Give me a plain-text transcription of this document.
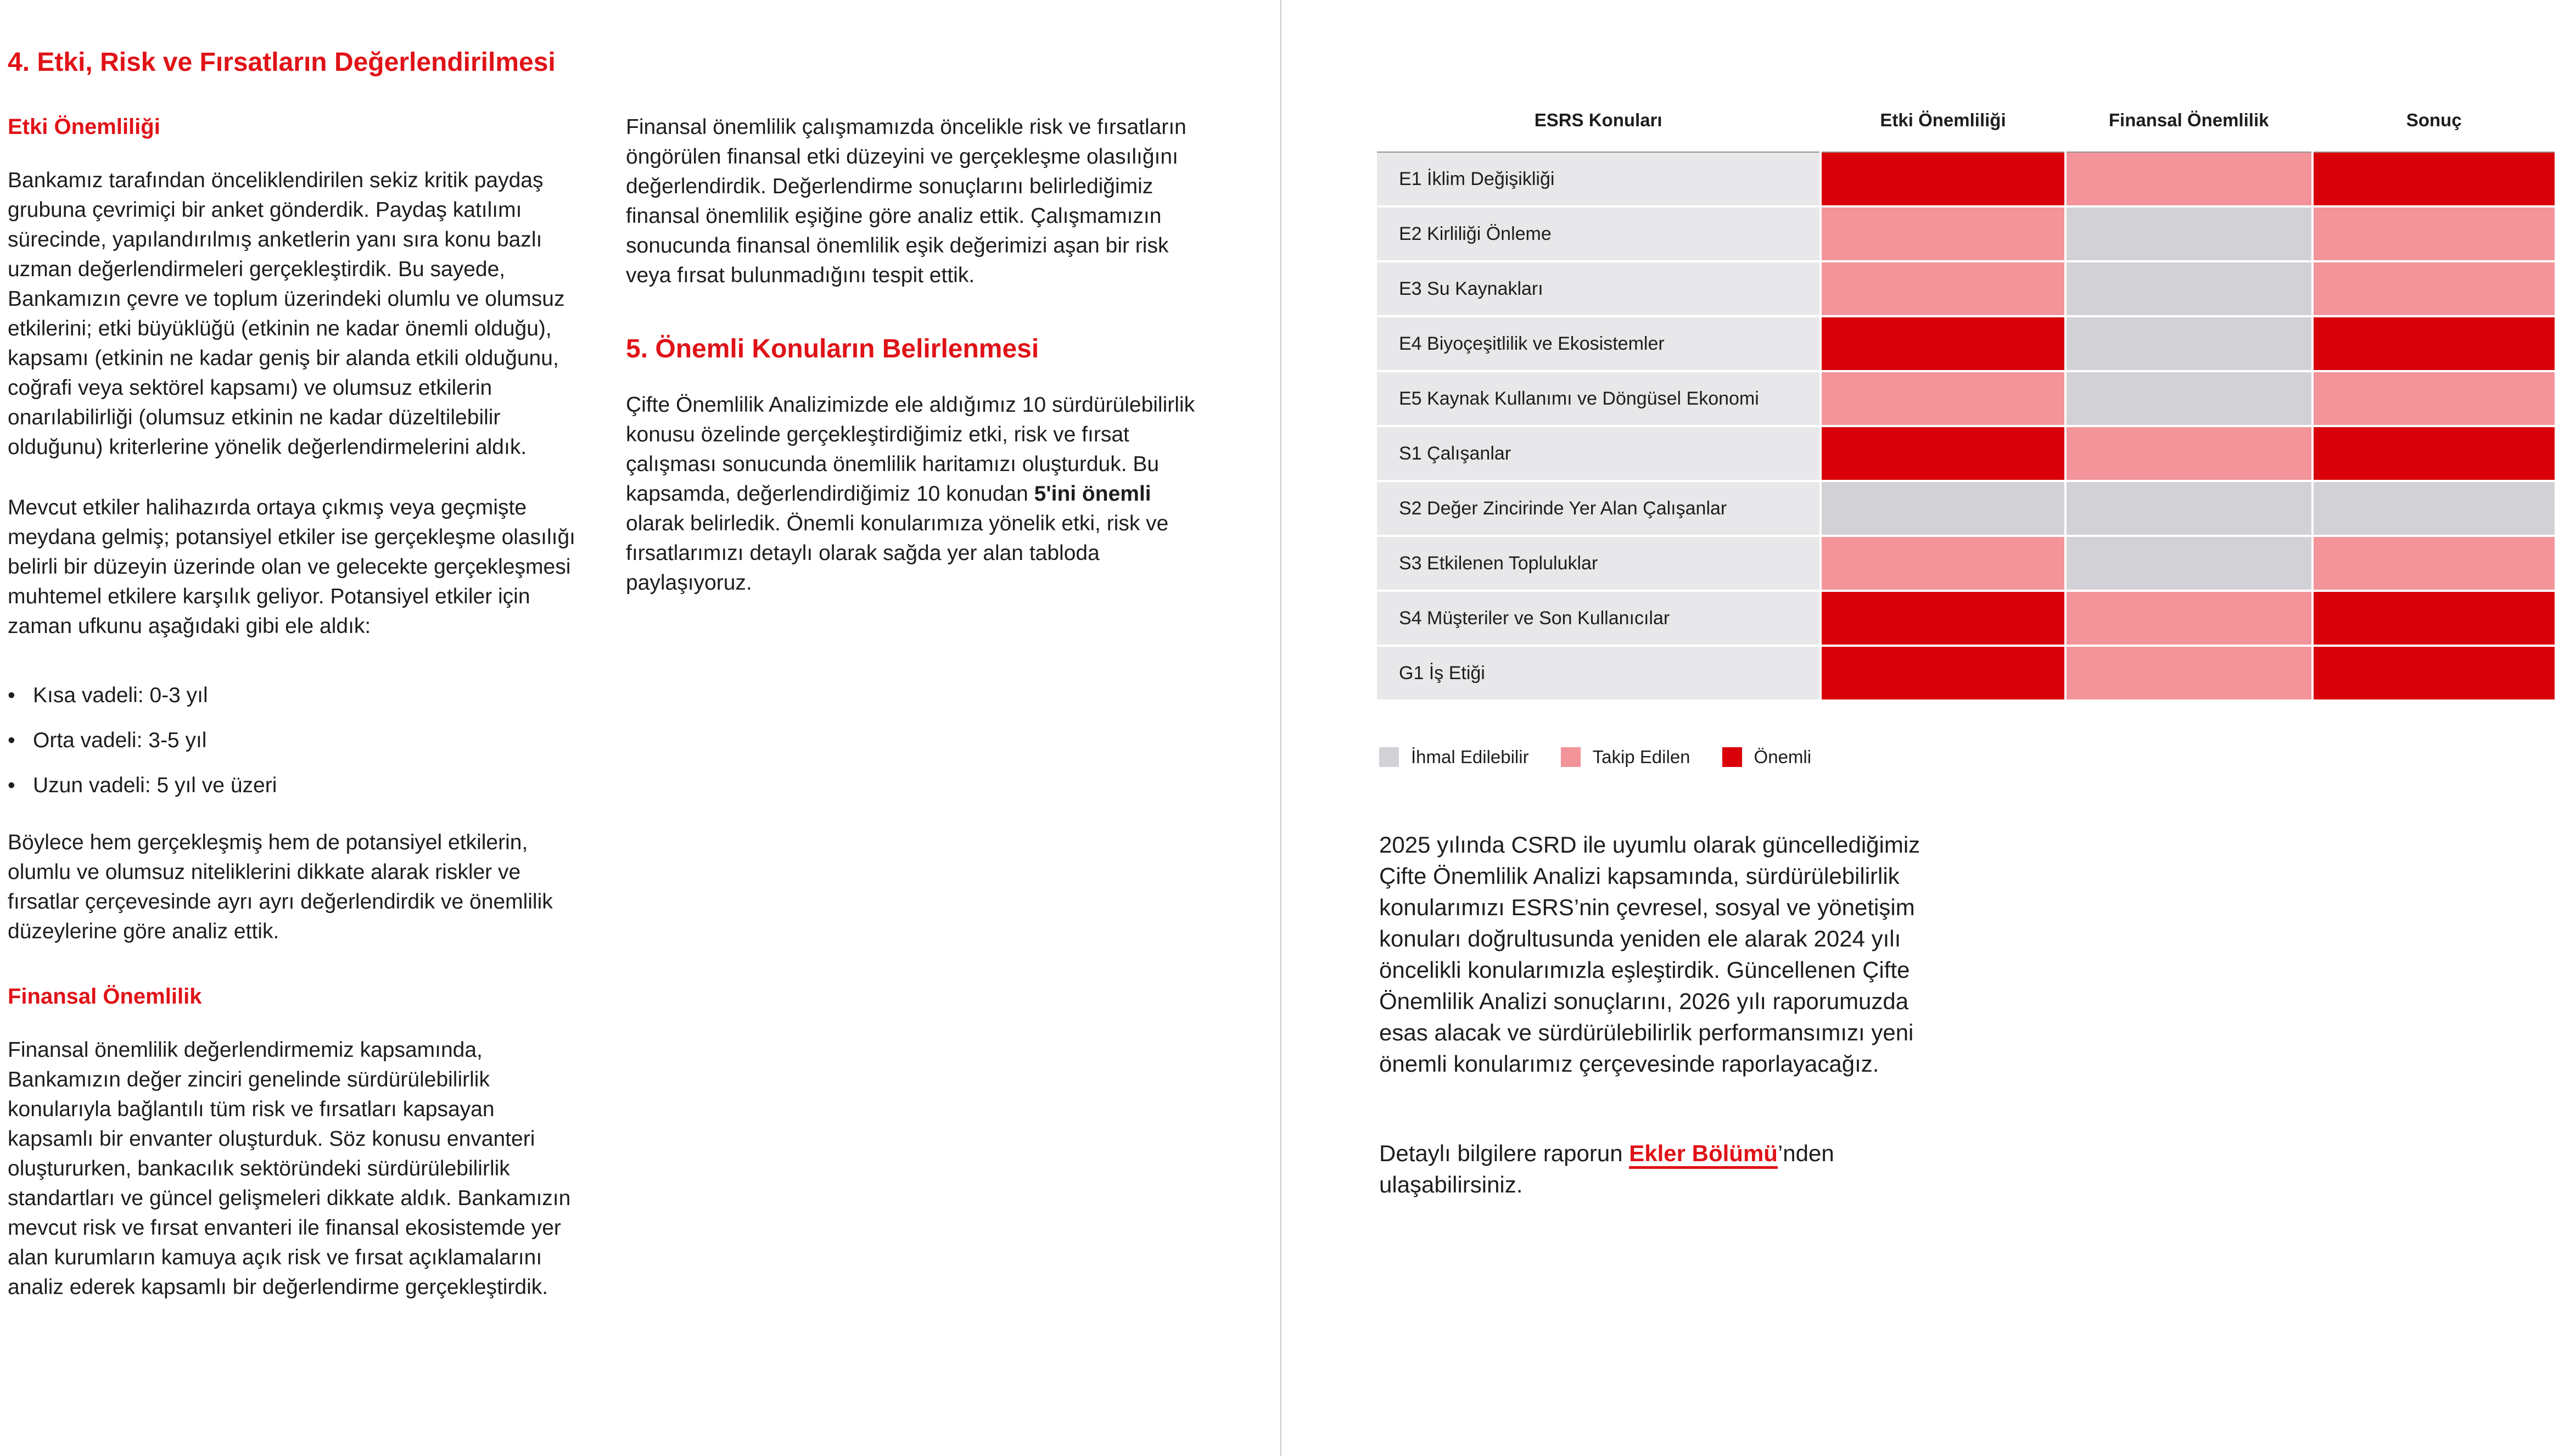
4. Etki, Risk ve Fırsatların Değerlendirilmesi
Etki Önemliliği

Bankamız tarafından önceliklendirilen sekiz kritik paydaş grubuna çevrimiçi bir anket gönderdik. Paydaş katılımı sürecinde, yapılandırılmış anketlerin yanı sıra konu bazlı uzman değerlendirmeleri gerçekleştirdik. Bu sayede, Bankamızın çevre ve toplum üzerindeki olumlu ve olumsuz etkilerini; etki büyüklüğü (etkinin ne kadar önemli olduğu), kapsamı (etkinin ne kadar geniş bir alanda etkili olduğunu, coğrafi veya sektörel kapsamı) ve olumsuz etkilerin onarılabilirliği (olumsuz etkinin ne kadar düzeltilebilir olduğunu) kriterlerine yönelik değerlendirmelerini aldık.

Mevcut etkiler halihazırda ortaya çıkmış veya geçmişte meydana gelmiş; potansiyel etkiler ise gerçekleşme olasılığı belirli bir düzeyin üzerinde olan ve gelecekte gerçekleşmesi muhtemel etkilere karşılık geliyor. Potansiyel etkiler için zaman ufkunu aşağıdaki gibi ele aldık:

• Kısa vadeli: 0-3 yıl
• Orta vadeli: 3-5 yıl
• Uzun vadeli: 5 yıl ve üzeri

Böylece hem gerçekleşmiş hem de potansiyel etkilerin, olumlu ve olumsuz niteliklerini dikkate alarak riskler ve fırsatlar çerçevesinde ayrı ayrı değerlendirdik ve önemlilik düzeylerine göre analiz ettik.

Finansal Önemlilik

Finansal önemlilik değerlendirmemiz kapsamında, Bankamızın değer zinciri genelinde sürdürülebilirlik konularıyla bağlantılı tüm risk ve fırsatları kapsayan kapsamlı bir envanter oluşturduk. Söz konusu envanteri oluştururken, bankacılık sektöründeki sürdürülebilirlik standartları ve güncel gelişmeleri dikkate aldık. Bankamızın mevcut risk ve fırsat envanteri ile finansal ekosistemde yer alan kurumların kamuya açık risk ve fırsat açıklamalarını analiz ederek kapsamlı bir değerlendirme gerçekleştirdik.

Finansal önemlilik çalışmamızda öncelikle risk ve fırsatların öngörülen finansal etki düzeyini ve gerçekleşme olasılığını değerlendirdik. Değerlendirme sonuçlarını belirlediğimiz finansal önemlilik eşiğine göre analiz ettik. Çalışmamızın sonucunda finansal önemlilik eşik değerimizi aşan bir risk veya fırsat bulunmadığını tespit ettik.

5. Önemli Konuların Belirlenmesi

Çifte Önemlilik Analizimizde ele aldığımız 10 sürdürülebilirlik konusu özelinde gerçekleştirdiğimiz etki, risk ve fırsat çalışması sonucunda önemlilik haritamızı oluşturduk. Bu kapsamda, değerlendirdiğimiz 10 konudan 5'ini önemli olarak belirledik. Önemli konularımıza yönelik etki, risk ve fırsatlarımızı detaylı olarak sağda yer alan tabloda paylaşıyoruz.

ESRS Konuları	Etki Önemliliği	Finansal Önemlilik	Sonuç
E1 İklim Değişikliği			
E2 Kirliliği Önleme			
E3 Su Kaynakları			
E4 Biyoçeşitlilik ve Ekosistemler			
E5 Kaynak Kullanımı ve Döngüsel Ekonomi			
S1 Çalışanlar			
S2 Değer Zincirinde Yer Alan Çalışanlar			
S3 Etkilenen Topluluklar			
S4 Müşteriler ve Son Kullanıcılar			
G1 İş Etiği			
İhmal Edilebilir	Takip Edilen	Önemli

2025 yılında CSRD ile uyumlu olarak güncellediğimiz Çifte Önemlilik Analizi kapsamında, sürdürülebilirlik konularımızı ESRS’nin çevresel, sosyal ve yönetişim konuları doğrultusunda yeniden ele alarak 2024 yılı öncelikli konularımızla eşleştirdik. Güncellenen Çifte Önemlilik Analizi sonuçlarını, 2026 yılı raporumuzda esas alacak ve sürdürülebilirlik performansımızı yeni önemli konularımız çerçevesinde raporlayacağız.

Detaylı bilgilere raporun Ekler Bölümü’nden ulaşabilirsiniz.
